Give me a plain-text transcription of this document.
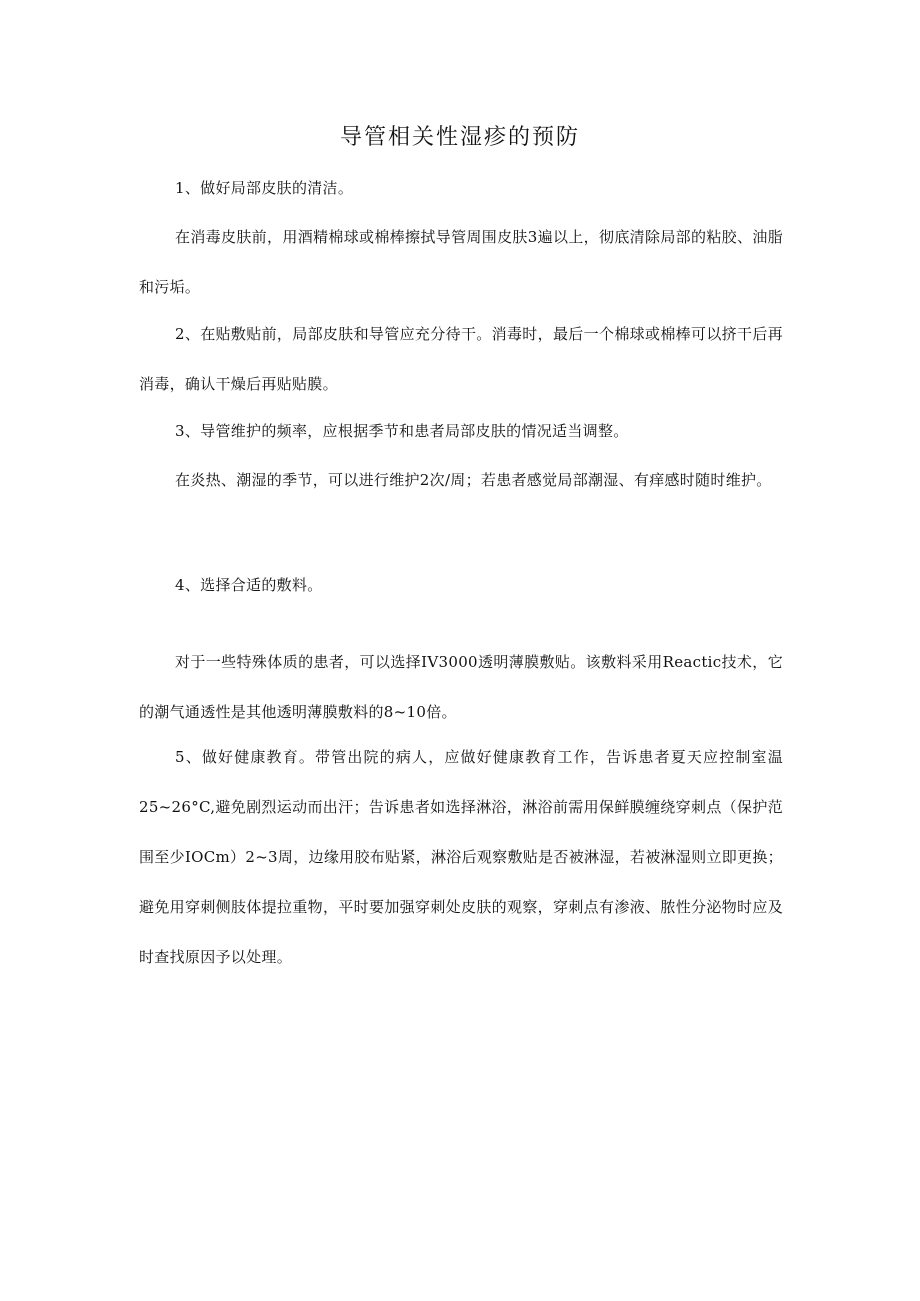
导管相关性湿疹的预防

1、做好局部皮肤的清洁。

在消毒皮肤前，用酒精棉球或棉棒擦拭导管周围皮肤3遍以上，彻底清除局部的粘胶、油脂和污垢。

2、在贴敷贴前，局部皮肤和导管应充分待干。消毒时，最后一个棉球或棉棒可以挤干后再消毒，确认干燥后再贴贴膜。

3、导管维护的频率，应根据季节和患者局部皮肤的情况适当调整。

在炎热、潮湿的季节，可以进行维护2次/周；若患者感觉局部潮湿、有痒感时随时维护。

4、选择合适的敷料。

对于一些特殊体质的患者，可以选择IV3000透明薄膜敷贴。该敷料采用Reactic技术，它的潮气通透性是其他透明薄膜敷料的8~10倍。

5、做好健康教育。带管出院的病人，应做好健康教育工作，告诉患者夏天应控制室温25~26°C,避免剧烈运动而出汗；告诉患者如选择淋浴，淋浴前需用保鲜膜缠绕穿刺点（保护范围至少IOCm）2~3周，边缘用胶布贴紧，淋浴后观察敷贴是否被淋湿，若被淋湿则立即更换；避免用穿刺侧肢体提拉重物，平时要加强穿刺处皮肤的观察，穿刺点有渗液、脓性分泌物时应及时查找原因予以处理。
